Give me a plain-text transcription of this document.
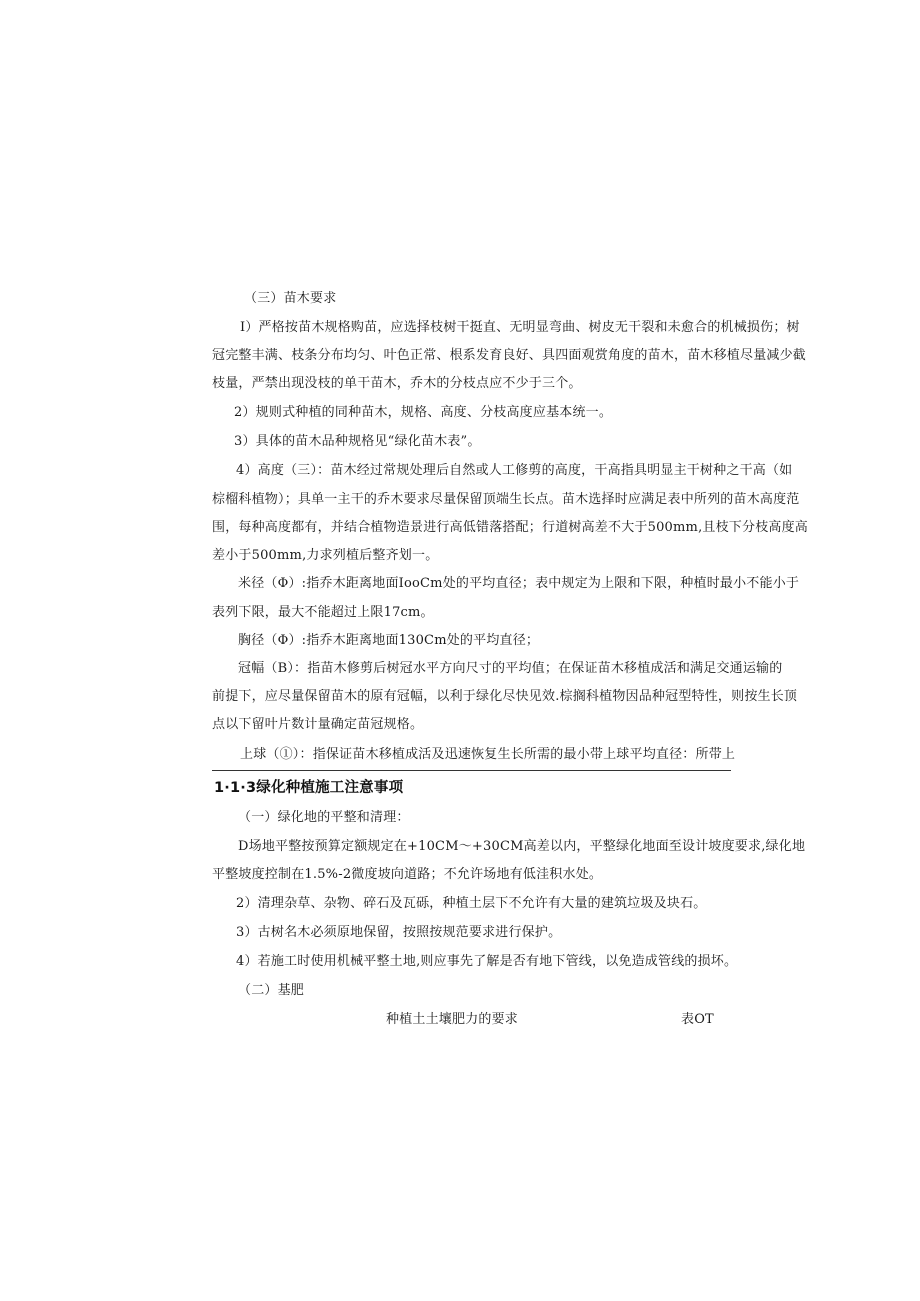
（三）苗木要求
I）严格按苗木规格购苗，应选择枝树干挺直、无明显弯曲、树皮无干裂和未愈合的机械损伤；树
冠完整丰满、枝条分布均匀、叶色正常、根系发育良好、具四面观赏角度的苗木，苗木移植尽量减少截
枝量，严禁出现没枝的单干苗木，乔木的分枝点应不少于三个。
2）规则式种植的同种苗木，规格、高度、分枝高度应基本统一。
3）具体的苗木品种规格见“绿化苗木表”。
4）高度（三）：苗木经过常规处理后自然或人工修剪的高度，干高指具明显主干树种之干高（如
棕榴科植物）；具单一主干的乔木要求尽量保留顶端生长点。苗木选择时应满足表中所列的苗木高度范
围，每种高度都有，并结合植物造景进行高低错落搭配；行道树高差不大于500mm,且枝下分枝高度高
差小于500mm,力求列植后整齐划一。
米径（Φ）:指乔木距离地面IooCm处的平均直径；表中规定为上限和下限，种植时最小不能小于
表列下限，最大不能超过上限17cm。
胸径（Φ）:指乔木距离地面130Cm处的平均直径；
冠幅（B）：指苗木修剪后树冠水平方向尺寸的平均值；在保证苗木移植成活和满足交通运输的
前提下，应尽量保留苗木的原有冠幅，以利于绿化尽快见效.棕搁科植物因品种冠型特性，则按生长顶
点以下留叶片数计量确定苗冠规格。
上球（①）：指保证苗木移植成活及迅速恢复生长所需的最小带上球平均直径：所带上
1·1·3绿化种植施工注意事项
（一）绿化地的平整和清理：
D场地平整按预算定额规定在+10CM～+30CM高差以内，平整绿化地面至设计坡度要求,绿化地
平整坡度控制在1.5%-2微度坡向道路；不允许场地有低洼积水处。
2）清理杂草、杂物、碎石及瓦砾，种植土层下不允许有大量的建筑垃圾及块石。
3）古树名木必须原地保留，按照按规范要求进行保护。
4）若施工时使用机械平整土地,则应事先了解是否有地下管线，以免造成管线的损坏。
（二）基肥
种植土土壤肥力的要求	表OT
